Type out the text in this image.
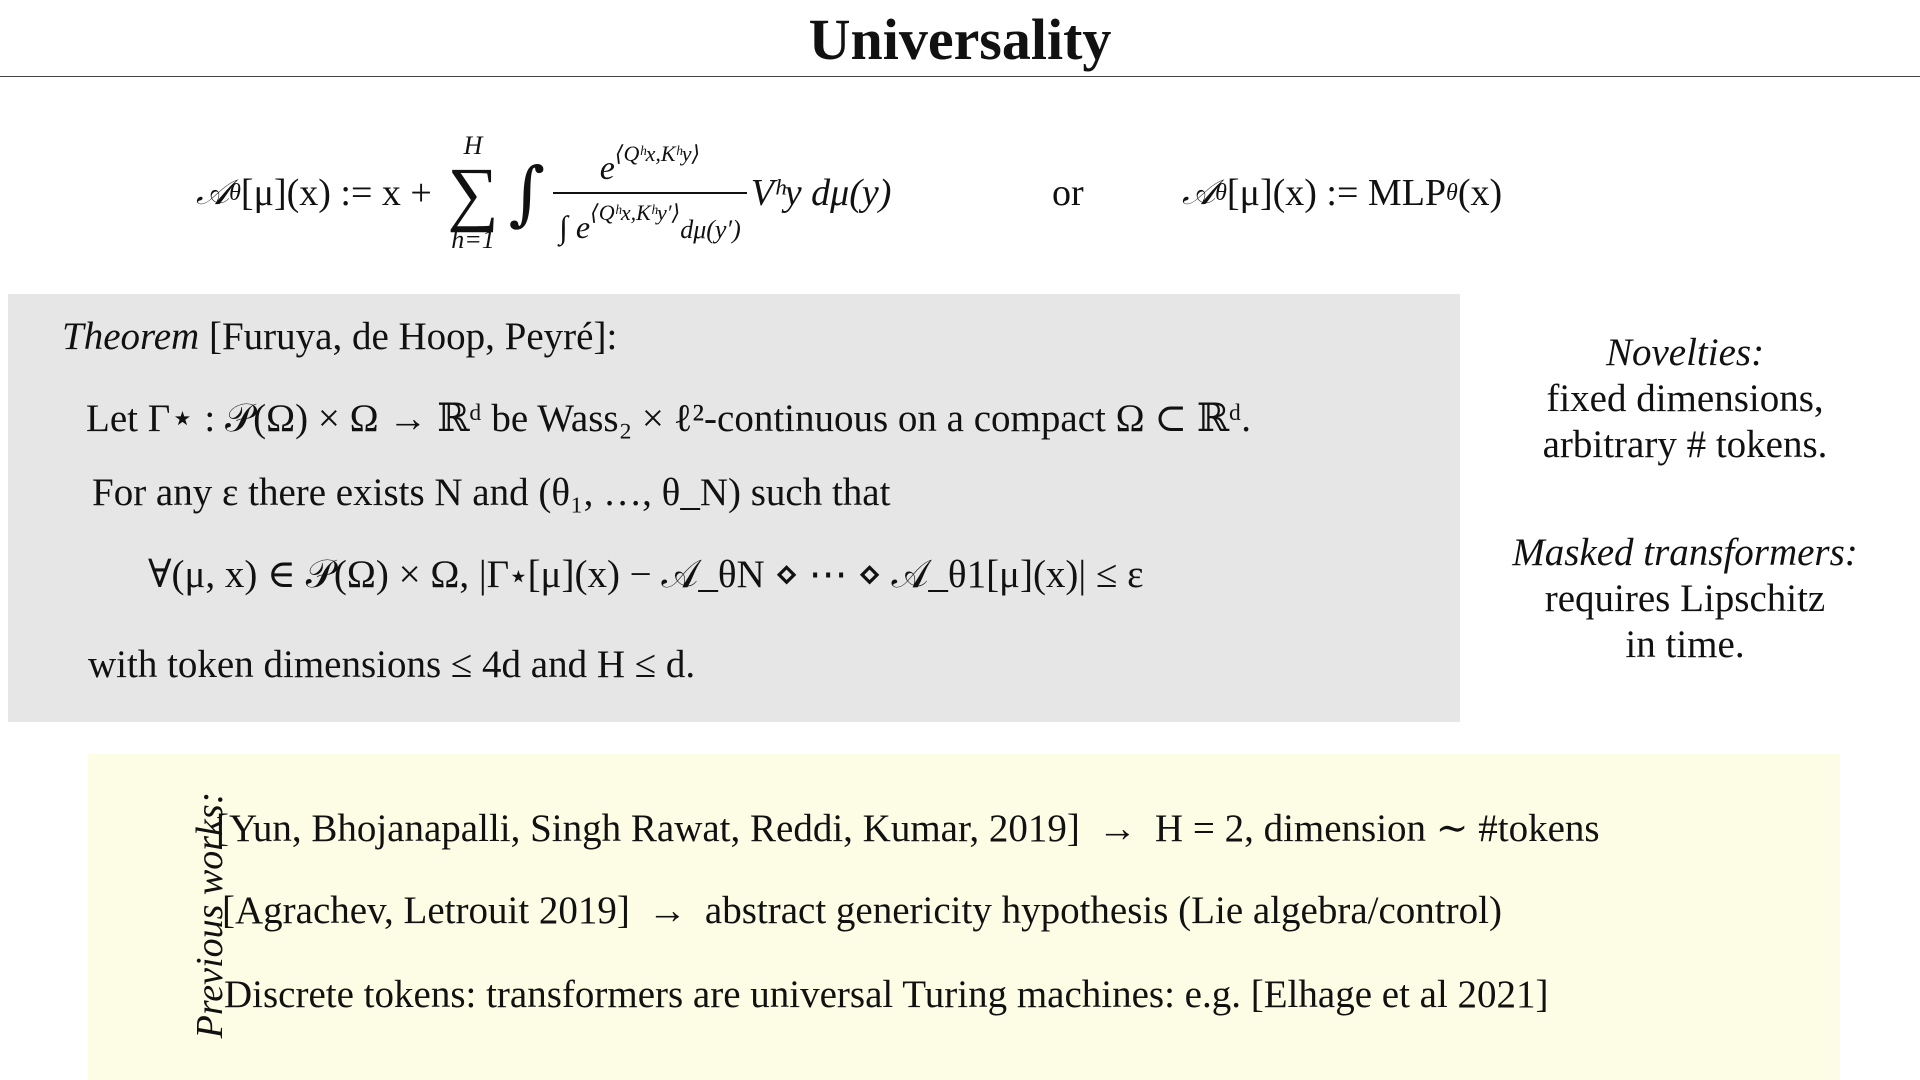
Universality
𝒜 θ [μ](x) := x +
H
∑
h=1
∫ $\frac{e^{⟨Qʰx,Kʰy⟩}}{\int e^{⟨Qʰx,Kʰy'⟩}d\mu(y')}$ Vʰy dμ(y)	or	𝒜 θ [μ](x) := MLP θ (x)
Theorem [Furuya, de Hoop, Peyré]:
Let Γ⋆ : 𝒫(Ω) × Ω → ℝᵈ be Wass₂ × ℓ²-continuous on a compact Ω ⊂ ℝᵈ.
For any ε there exists N and (θ₁, …, θ_N) such that
∀(μ, x) ∈ 𝒫(Ω) × Ω, |Γ⋆[μ](x) − 𝒜_θN ⋄ ⋯ ⋄ 𝒜_θ1[μ](x)| ≤ ε
with token dimensions ≤ 4d and H ≤ d.
Novelties:
fixed dimensions,
arbitrary # tokens.
Masked transformers:
requires Lipschitz
in time.
Previous works:
[Yun, Bhojanapalli, Singh Rawat, Reddi, Kumar, 2019] → H = 2, dimension ∼ #tokens
[Agrachev, Letrouit 2019] → abstract genericity hypothesis (Lie algebra/control)
Discrete tokens: transformers are universal Turing machines: e.g. [Elhage et al 2021]
